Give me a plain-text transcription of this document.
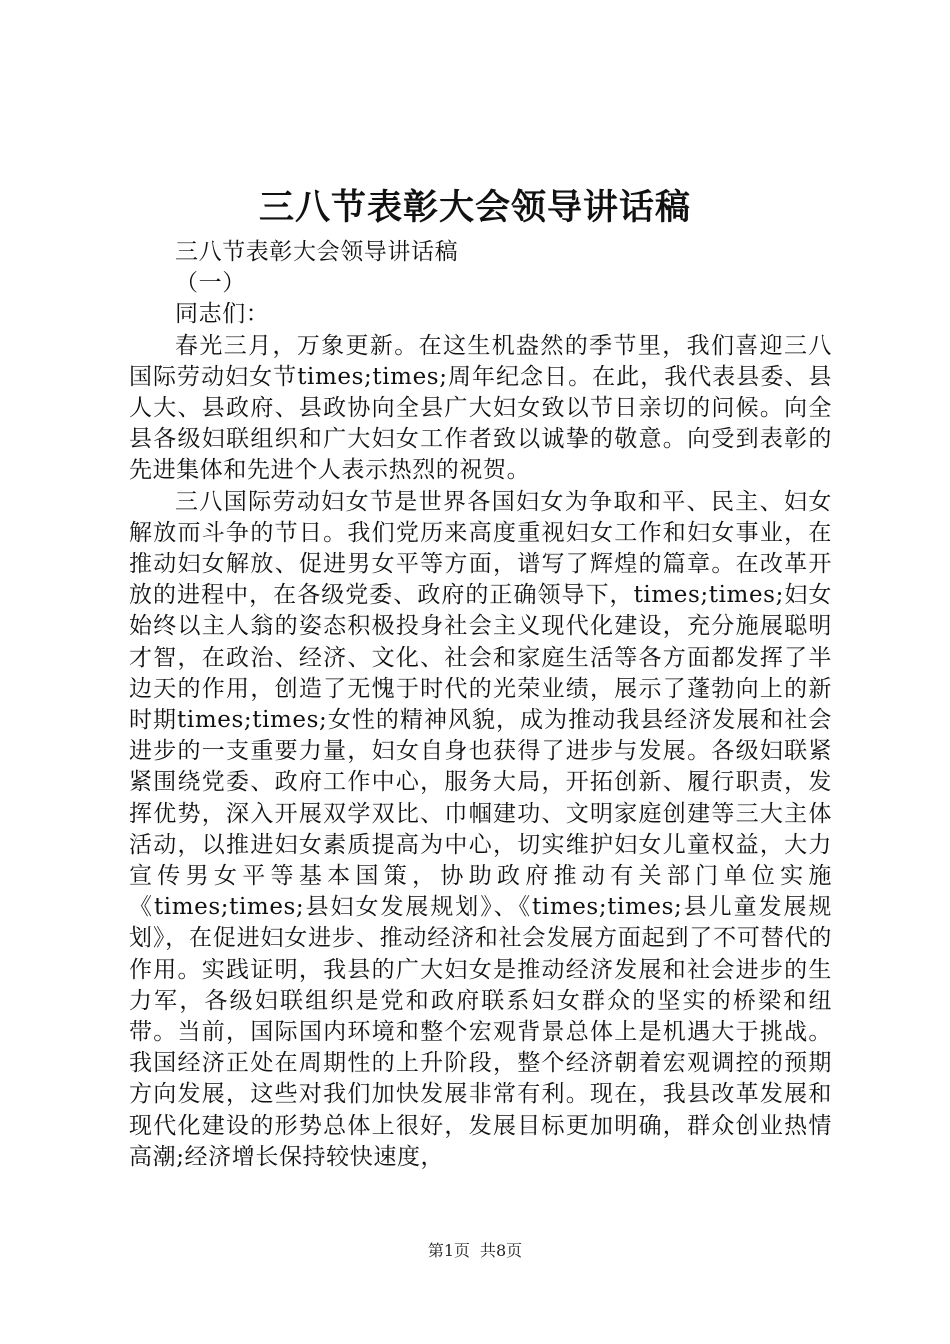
三八节表彰大会领导讲话稿

三八节表彰大会领导讲话稿

（一）

同志们：

春光三月，万象更新。在这生机盎然的季节里，我们喜迎三八国际劳动妇女节times;times;周年纪念日。在此，我代表县委、县人大、县政府、县政协向全县广大妇女致以节日亲切的问候。向全县各级妇联组织和广大妇女工作者致以诚挚的敬意。向受到表彰的先进集体和先进个人表示热烈的祝贺。

三八国际劳动妇女节是世界各国妇女为争取和平、民主、妇女解放而斗争的节日。我们党历来高度重视妇女工作和妇女事业，在推动妇女解放、促进男女平等方面，谱写了辉煌的篇章。在改革开放的进程中，在各级党委、政府的正确领导下，times;times;妇女始终以主人翁的姿态积极投身社会主义现代化建设，充分施展聪明才智，在政治、经济、文化、社会和家庭生活等各方面都发挥了半边天的作用，创造了无愧于时代的光荣业绩，展示了蓬勃向上的新时期times;times;女性的精神风貌，成为推动我县经济发展和社会进步的一支重要力量，妇女自身也获得了进步与发展。各级妇联紧紧围绕党委、政府工作中心，服务大局，开拓创新、履行职责，发挥优势，深入开展双学双比、巾帼建功、文明家庭创建等三大主体活动，以推进妇女素质提高为中心，切实维护妇女儿童权益，大力宣传男女平等基本国策，协助政府推动有关部门单位实施《times;times;县妇女发展规划》、《times;times;县儿童发展规划》，在促进妇女进步、推动经济和社会发展方面起到了不可替代的作用。实践证明，我县的广大妇女是推动经济发展和社会进步的生力军，各级妇联组织是党和政府联系妇女群众的坚实的桥梁和纽带。当前，国际国内环境和整个宏观背景总体上是机遇大于挑战。我国经济正处在周期性的上升阶段，整个经济朝着宏观调控的预期方向发展，这些对我们加快发展非常有利。现在，我县改革发展和现代化建设的形势总体上很好，发展目标更加明确，群众创业热情高潮;经济增长保持较快速度，

第1页 共8页
